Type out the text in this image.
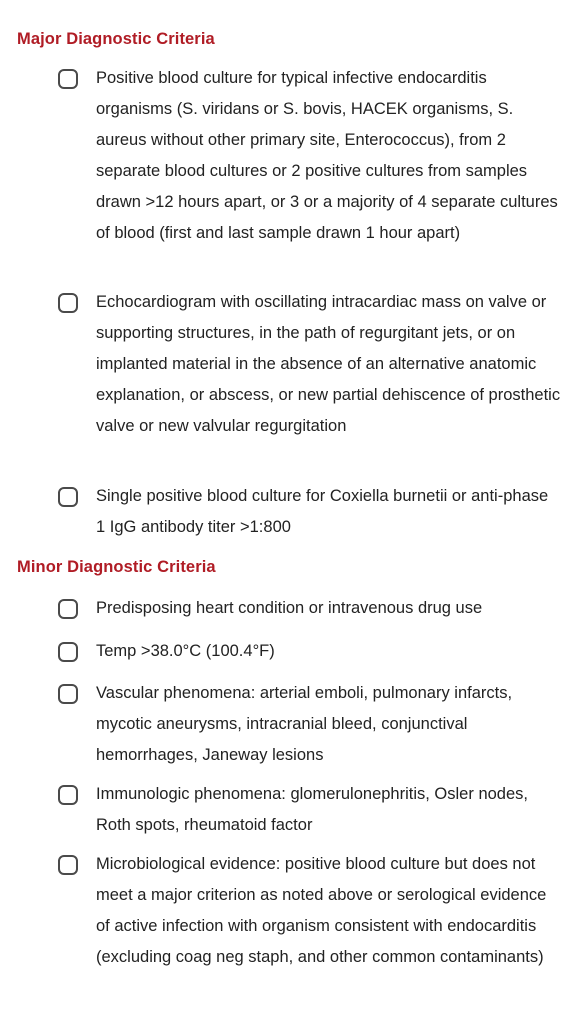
Major Diagnostic Criteria
Positive blood culture for typical infective endocarditis organisms (S. viridans or S. bovis, HACEK organisms, S. aureus without other primary site, Enterococcus), from 2 separate blood cultures or 2 positive cultures from samples drawn >12 hours apart, or 3 or a majority of 4 separate cultures of blood (first and last sample drawn 1 hour apart)
Echocardiogram with oscillating intracardiac mass on valve or supporting structures, in the path of regurgitant jets, or on implanted material in the absence of an alternative anatomic explanation, or abscess, or new partial dehiscence of prosthetic valve or new valvular regurgitation
Single positive blood culture for Coxiella burnetii or anti-phase 1 IgG antibody titer >1:800
Minor Diagnostic Criteria
Predisposing heart condition or intravenous drug use
Temp >38.0°C (100.4°F)
Vascular phenomena: arterial emboli, pulmonary infarcts, mycotic aneurysms, intracranial bleed, conjunctival hemorrhages, Janeway lesions
Immunologic phenomena: glomerulonephritis, Osler nodes, Roth spots, rheumatoid factor
Microbiological evidence: positive blood culture but does not meet a major criterion as noted above or serological evidence of active infection with organism consistent with endocarditis (excluding coag neg staph, and other common contaminants)
